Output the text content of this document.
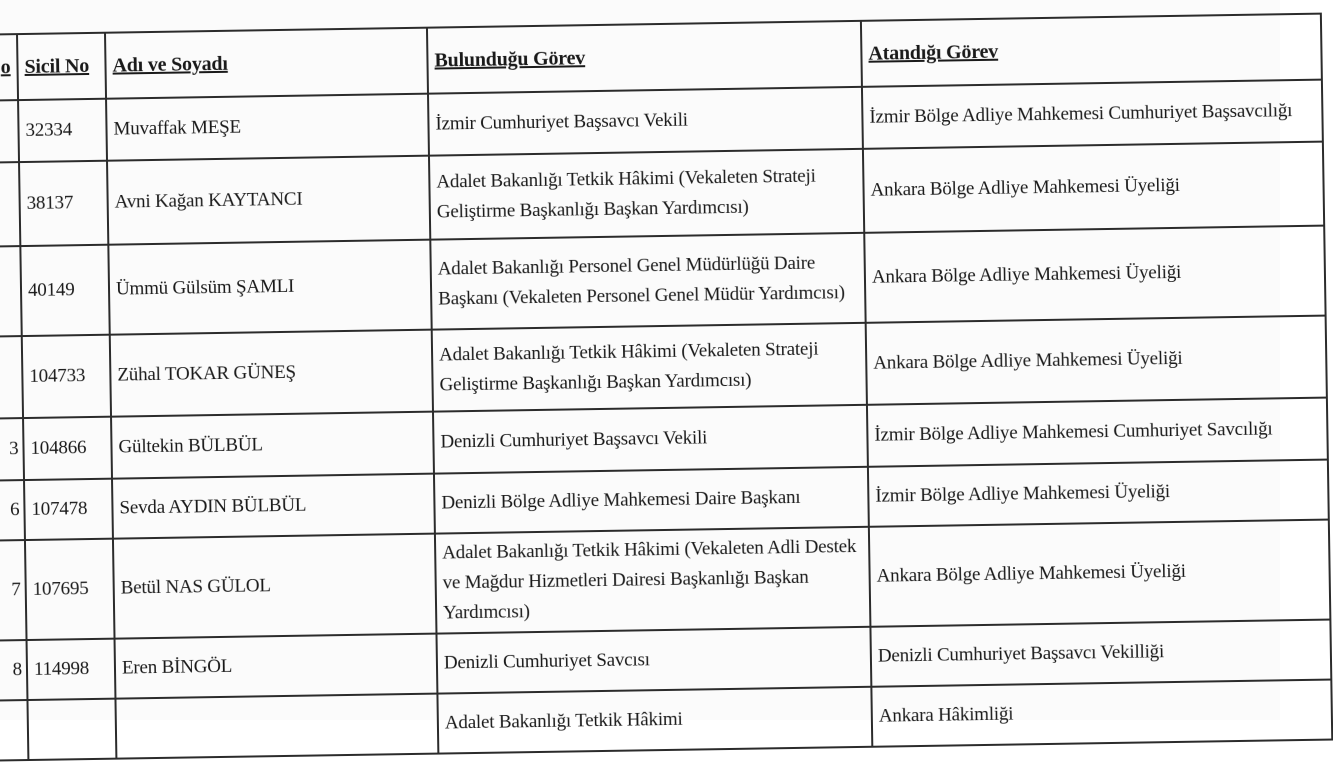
o	Sicil No	Adı ve Soyadı	Bulunduğu Görev	Atandığı Görev
	32334	Muvaffak MEŞE	İzmir Cumhuriyet Başsavcı Vekili	İzmir Bölge Adliye Mahkemesi Cumhuriyet Başsavcılığı
	38137	Avni Kağan KAYTANCI	Adalet Bakanlığı Tetkik Hâkimi (Vekaleten Strateji Geliştirme Başkanlığı Başkan Yardımcısı)	Ankara Bölge Adliye Mahkemesi Üyeliği
	40149	Ümmü Gülsüm ŞAMLI	Adalet Bakanlığı Personel Genel Müdürlüğü Daire Başkanı (Vekaleten Personel Genel Müdür Yardımcısı)	Ankara Bölge Adliye Mahkemesi Üyeliği
	104733	Zühal TOKAR GÜNEŞ	Adalet Bakanlığı Tetkik Hâkimi (Vekaleten Strateji Geliştirme Başkanlığı Başkan Yardımcısı)	Ankara Bölge Adliye Mahkemesi Üyeliği
3	104866	Gültekin BÜLBÜL	Denizli Cumhuriyet Başsavcı Vekili	İzmir Bölge Adliye Mahkemesi Cumhuriyet Savcılığı
6	107478	Sevda AYDIN BÜLBÜL	Denizli Bölge Adliye Mahkemesi Daire Başkanı	İzmir Bölge Adliye Mahkemesi Üyeliği
7	107695	Betül NAS GÜLOL	Adalet Bakanlığı Tetkik Hâkimi (Vekaleten Adli Destek ve Mağdur Hizmetleri Dairesi Başkanlığı Başkan Yardımcısı)	Ankara Bölge Adliye Mahkemesi Üyeliği
8	114998	Eren BİNGÖL	Denizli Cumhuriyet Savcısı	Denizli Cumhuriyet Başsavcı Vekilliği
			Adalet Bakanlığı Tetkik Hâkimi	Ankara Hâkimliği
